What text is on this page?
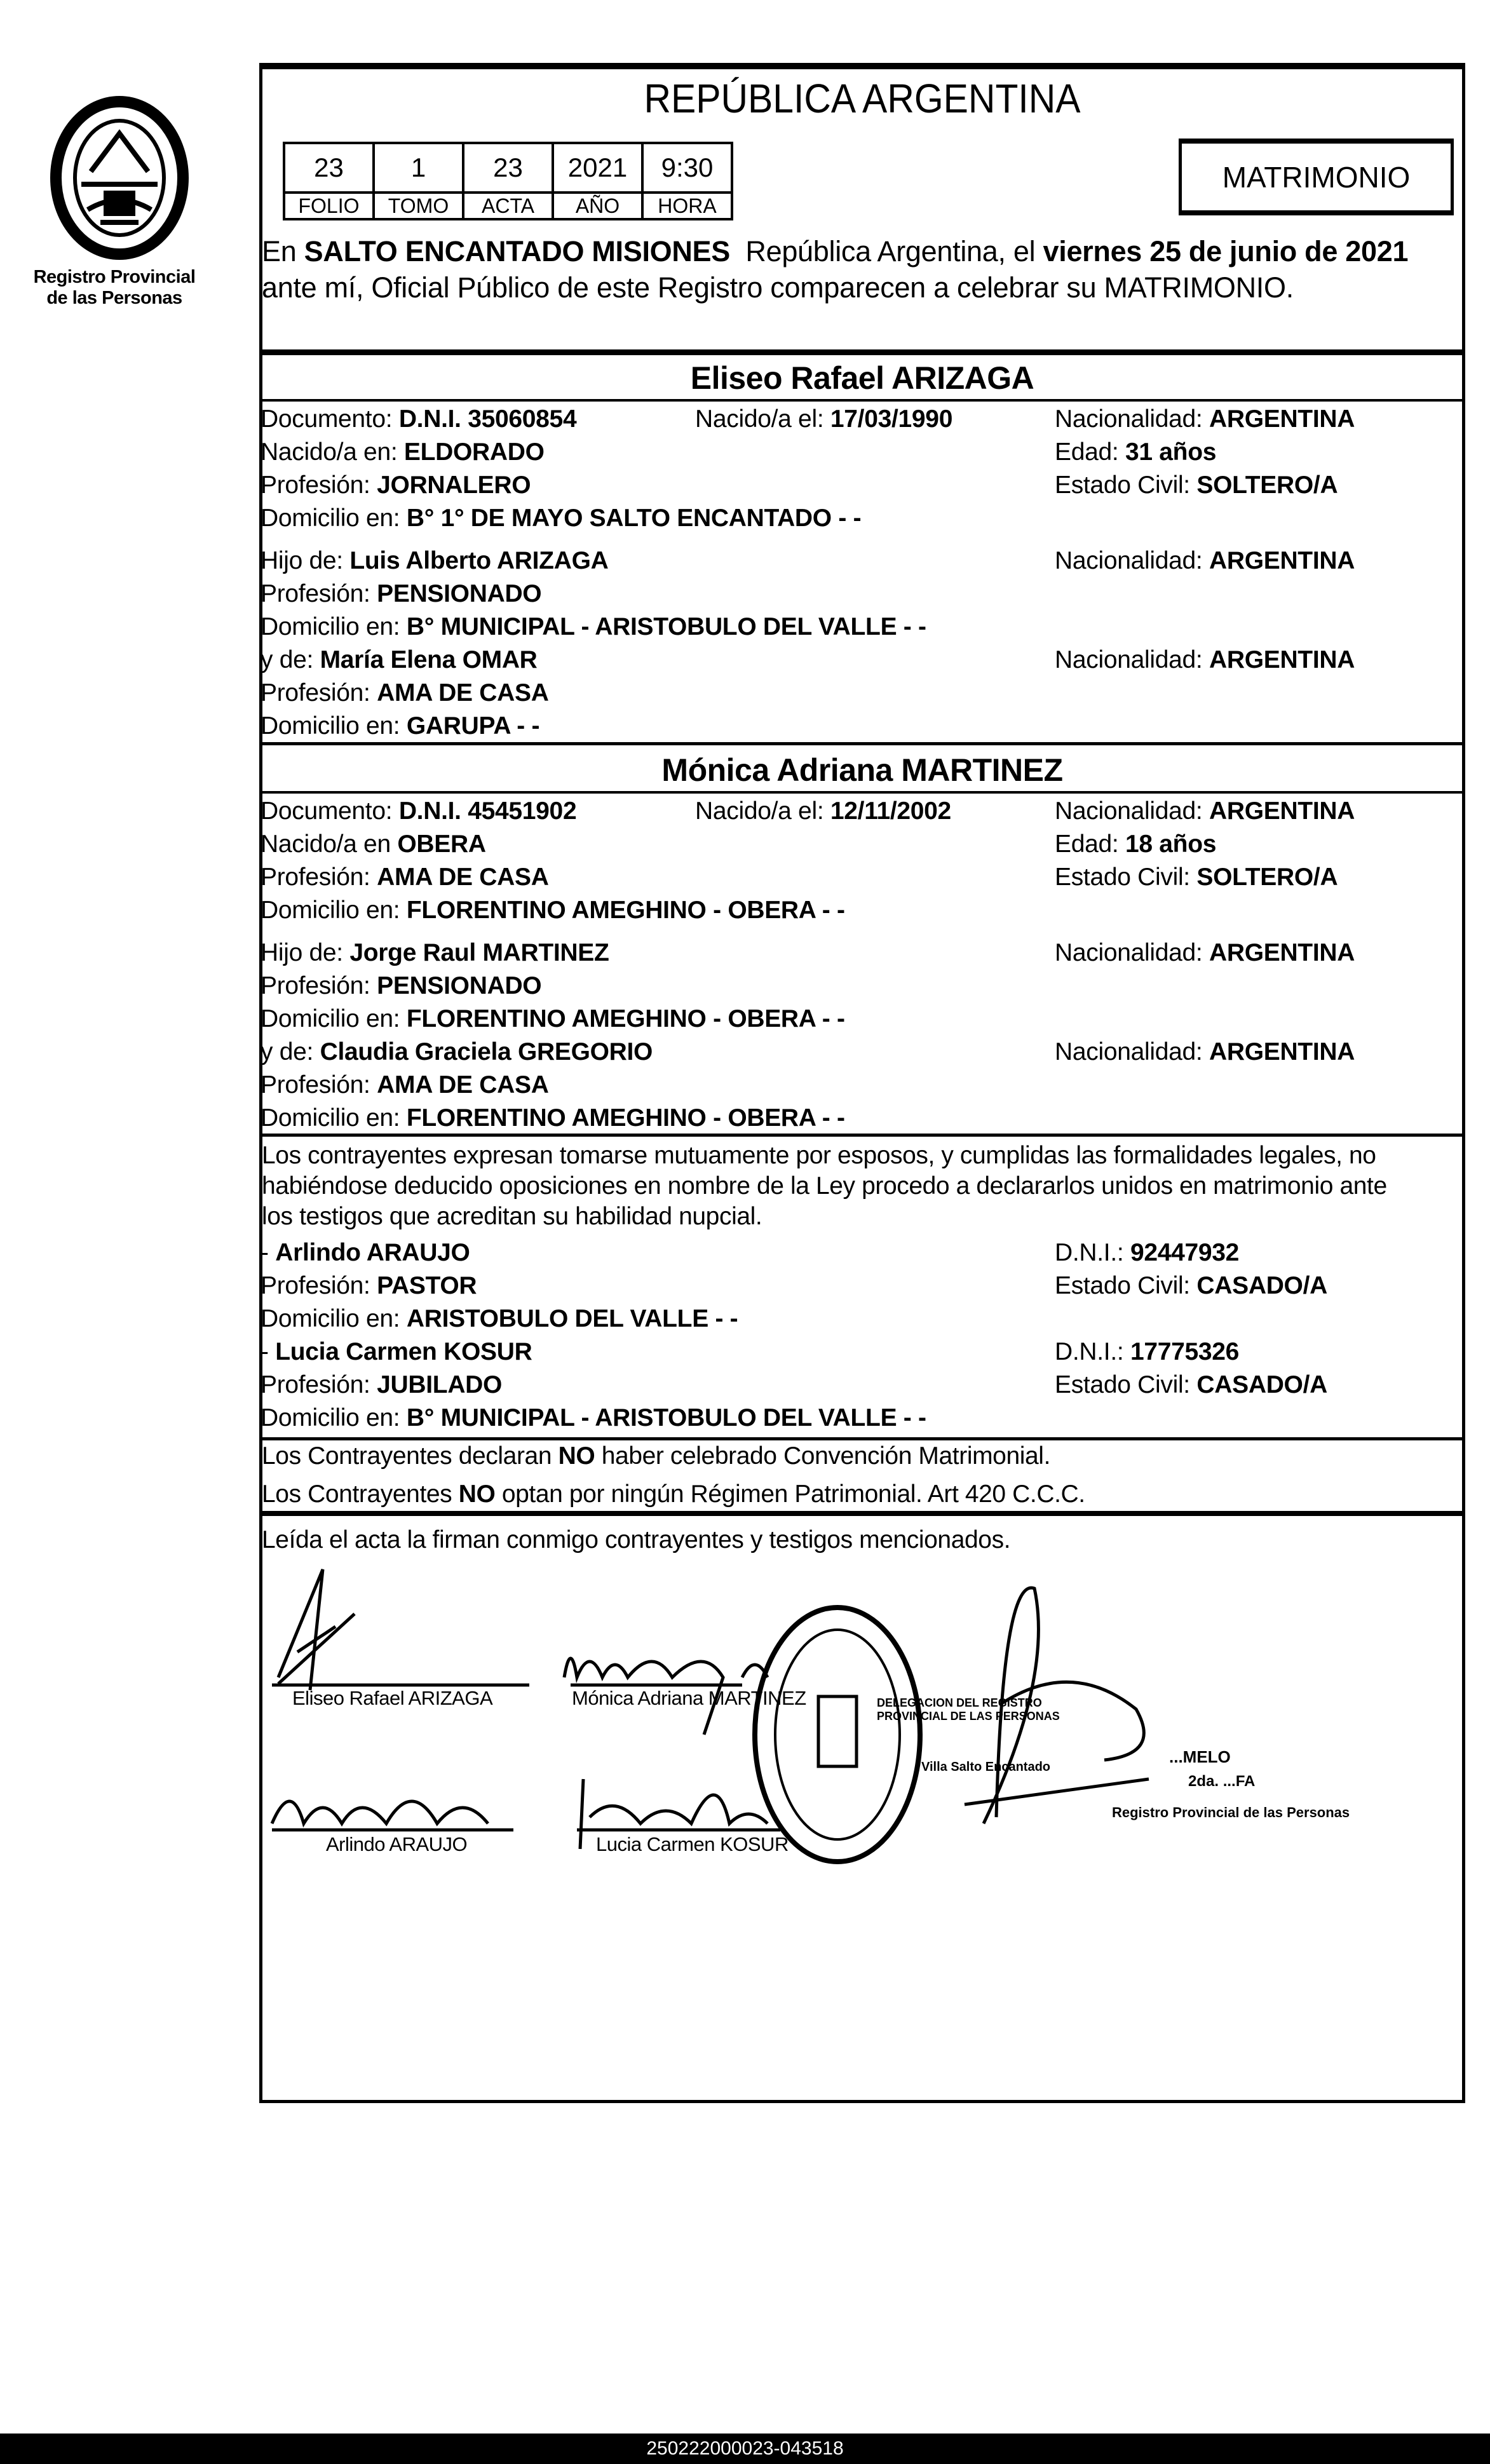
Registro Provincial
de las Personas
REPÚBLICA ARGENTINA
23	1	23	2021	9:30
FOLIO	TOMO	ACTA	AÑO	HORA
MATRIMONIO
En SALTO ENCANTADO MISIONES  República Argentina, el viernes 25 de junio de 2021
ante mí, Oficial Público de este Registro comparecen a celebrar su MATRIMONIO.
Eliseo Rafael ARIZAGA
Documento: D.N.I. 35060854	Nacido/a el: 17/03/1990	Nacionalidad: ARGENTINA
Nacido/a en: ELDORADO	Edad: 31 años
Profesión: JORNALERO	Estado Civil: SOLTERO/A
Domicilio en: B° 1° DE MAYO SALTO ENCANTADO - -
Hijo de: Luis Alberto ARIZAGA	Nacionalidad: ARGENTINA
Profesión: PENSIONADO
Domicilio en: B° MUNICIPAL - ARISTOBULO DEL VALLE - -
y de: María Elena OMAR	Nacionalidad: ARGENTINA
Profesión: AMA DE CASA
Domicilio en: GARUPA - -
Mónica Adriana MARTINEZ
Documento: D.N.I. 45451902	Nacido/a el: 12/11/2002	Nacionalidad: ARGENTINA
Nacido/a en OBERA	Edad: 18 años
Profesión: AMA DE CASA	Estado Civil: SOLTERO/A
Domicilio en: FLORENTINO AMEGHINO - OBERA - -
Hijo de: Jorge Raul MARTINEZ	Nacionalidad: ARGENTINA
Profesión: PENSIONADO
Domicilio en: FLORENTINO AMEGHINO - OBERA - -
y de: Claudia Graciela GREGORIO	Nacionalidad: ARGENTINA
Profesión: AMA DE CASA
Domicilio en: FLORENTINO AMEGHINO - OBERA - -
Los contrayentes expresan tomarse mutuamente por esposos, y cumplidas las formalidades legales, no
habiéndose deducido oposiciones en nombre de la Ley procedo a declararlos unidos en matrimonio ante
los testigos que acreditan su habilidad nupcial.
- Arlindo ARAUJO	D.N.I.: 92447932
Profesión: PASTOR	Estado Civil: CASADO/A
Domicilio en: ARISTOBULO DEL VALLE - -
- Lucia Carmen KOSUR	D.N.I.: 17775326
Profesión: JUBILADO	Estado Civil: CASADO/A
Domicilio en: B° MUNICIPAL - ARISTOBULO DEL VALLE - -
Los Contrayentes declaran NO haber celebrado Convención Matrimonial.
Los Contrayentes NO optan por ningún Régimen Patrimonial. Art 420 C.C.C.
Leída el acta la firman conmigo contrayentes y testigos mencionados.
Eliseo Rafael ARIZAGA	Mónica Adriana MARTINEZ
Arlindo ARAUJO	Lucia Carmen KOSUR
DELEGACION DEL REGISTRO PROVINCIAL DE LAS PERSONAS
Villa Salto Encantado
...MELO
2da. ...FA
Registro Provincial de las Personas
250222000023-043518
